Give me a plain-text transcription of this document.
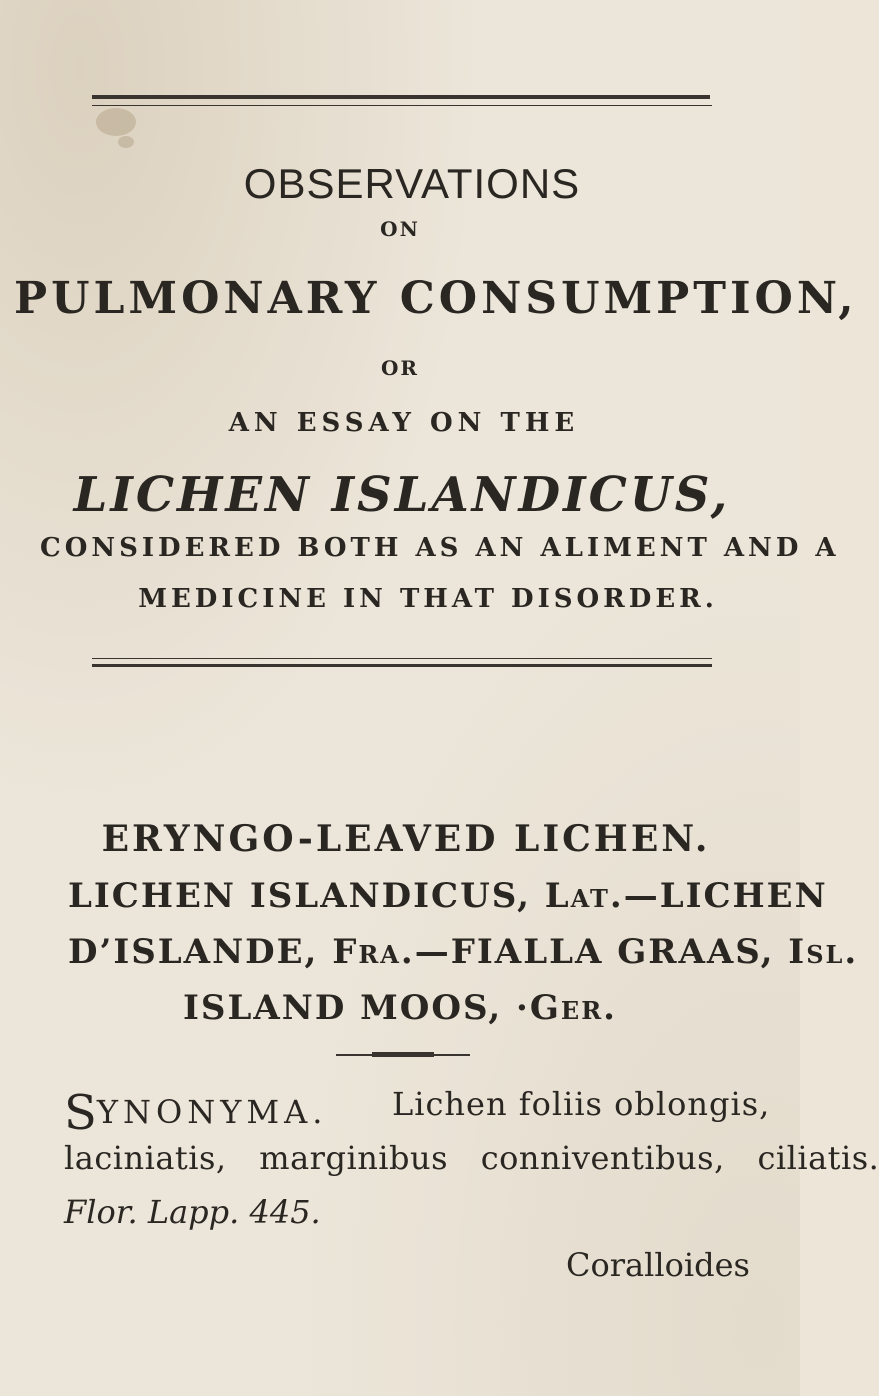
OBSERVATIONS
ON
PULMONARY CONSUMPTION,
OR
AN ESSAY ON THE
LICHEN ISLANDICUS,
CONSIDERED BOTH AS AN ALIMENT AND A
MEDICINE IN THAT DISORDER.
ERYNGO-LEAVED LICHEN.
LICHEN ISLANDICUS, Lat.—LICHEN
D’ISLANDE, Fra.—FIALLA GRAAS, Isl.
ISLAND MOOS, ·Ger.
SYNONYMA. Lichen foliis oblongis,
laciniatis, marginibus conniventibus, ciliatis.
Flor. Lapp. 445.
Coralloides
